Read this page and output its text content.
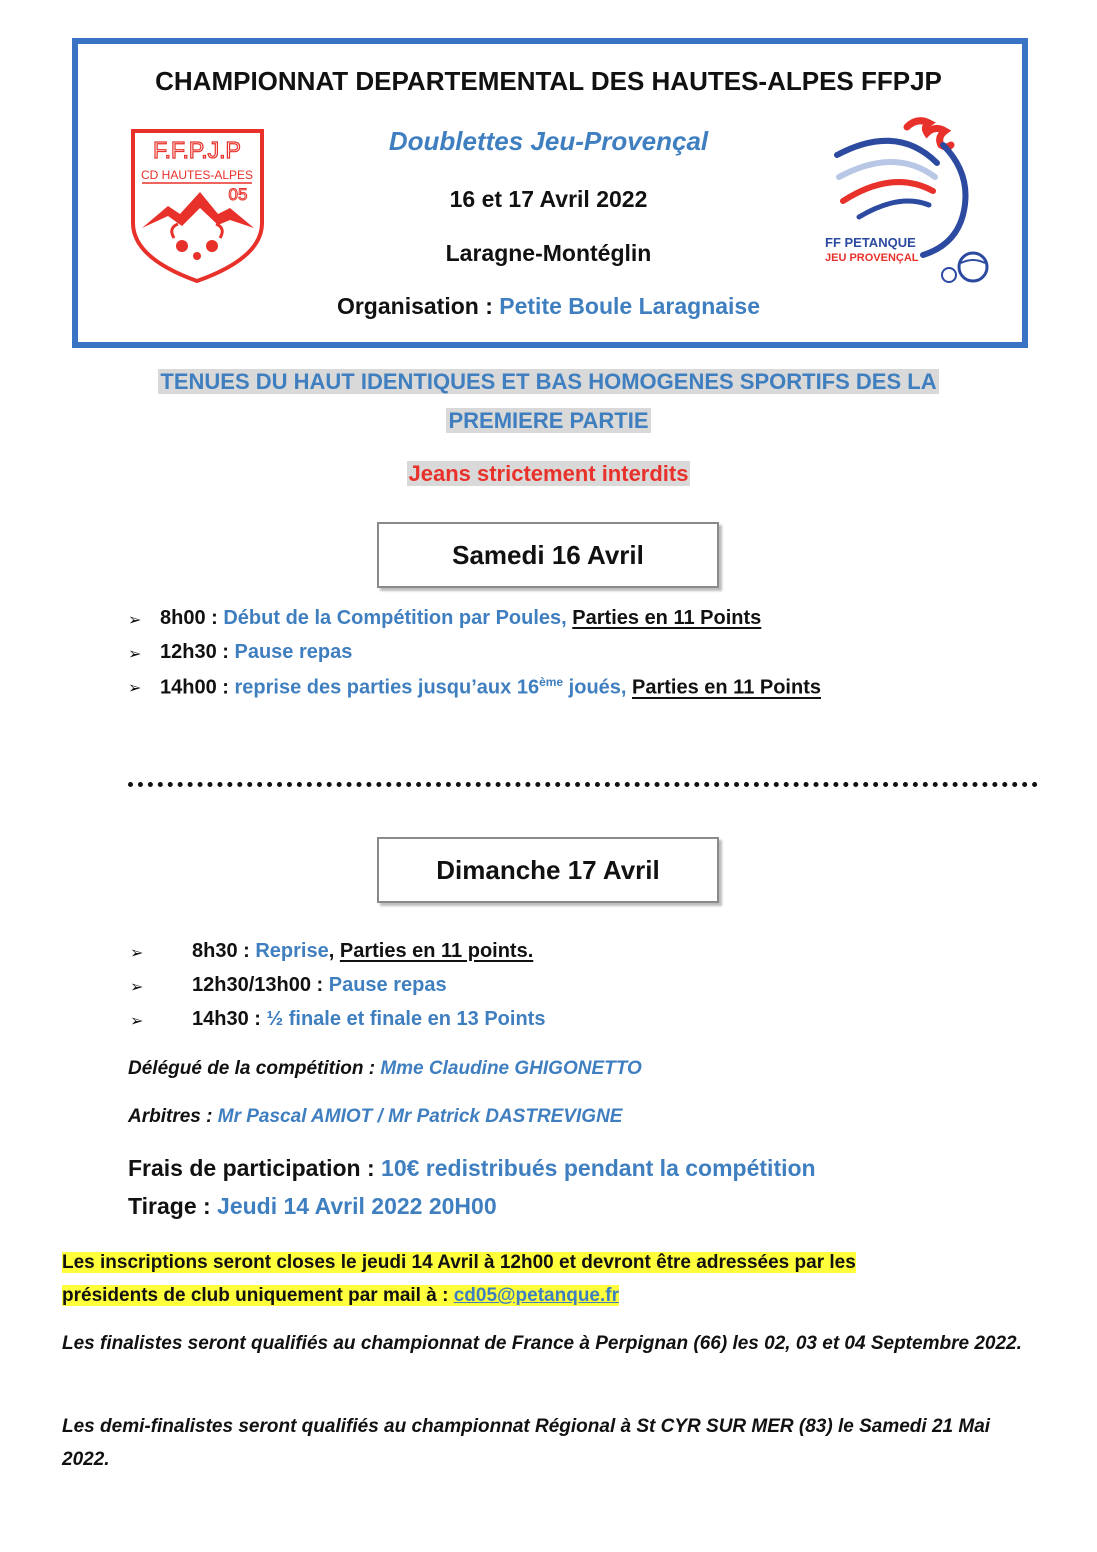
CHAMPIONNAT DEPARTEMENTAL DES HAUTES-ALPES FFPJP
Doublettes Jeu-Provençal
16 et 17 Avril 2022
Laragne-Montéglin
Organisation : Petite Boule Laragnaise
F.F.P.J.P
CD HAUTES-ALPES
05
FF PETANQUE
JEU PROVENÇAL
TENUES DU HAUT IDENTIQUES ET BAS HOMOGENES SPORTIFS DES LA
PREMIERE PARTIE
Jeans strictement interdits
Samedi 16 Avril
➢ 8h00 : Début de la Compétition par Poules, Parties en 11 Points
➢ 12h30 : Pause repas
➢ 14h00 : reprise des parties jusqu’aux 16ème joués, Parties en 11 Points
Dimanche 17 Avril
➢ 8h30 : Reprise, Parties en 11 points.
➢ 12h30/13h00 : Pause repas
➢ 14h30 : ½ finale et finale en 13 Points
Délégué de la compétition : Mme Claudine GHIGONETTO
Arbitres : Mr Pascal AMIOT / Mr Patrick DASTREVIGNE
Frais de participation : 10€ redistribués pendant la compétition
Tirage : Jeudi 14 Avril 2022 20H00
Les inscriptions seront closes le jeudi 14 Avril à 12h00 et devront être adressées par les
présidents de club uniquement par mail à : cd05@petanque.fr
Les finalistes seront qualifiés au championnat de France à Perpignan (66) les 02, 03 et 04 Septembre 2022.
Les demi-finalistes seront qualifiés au championnat Régional à St CYR SUR MER (83) le Samedi 21 Mai 2022.
